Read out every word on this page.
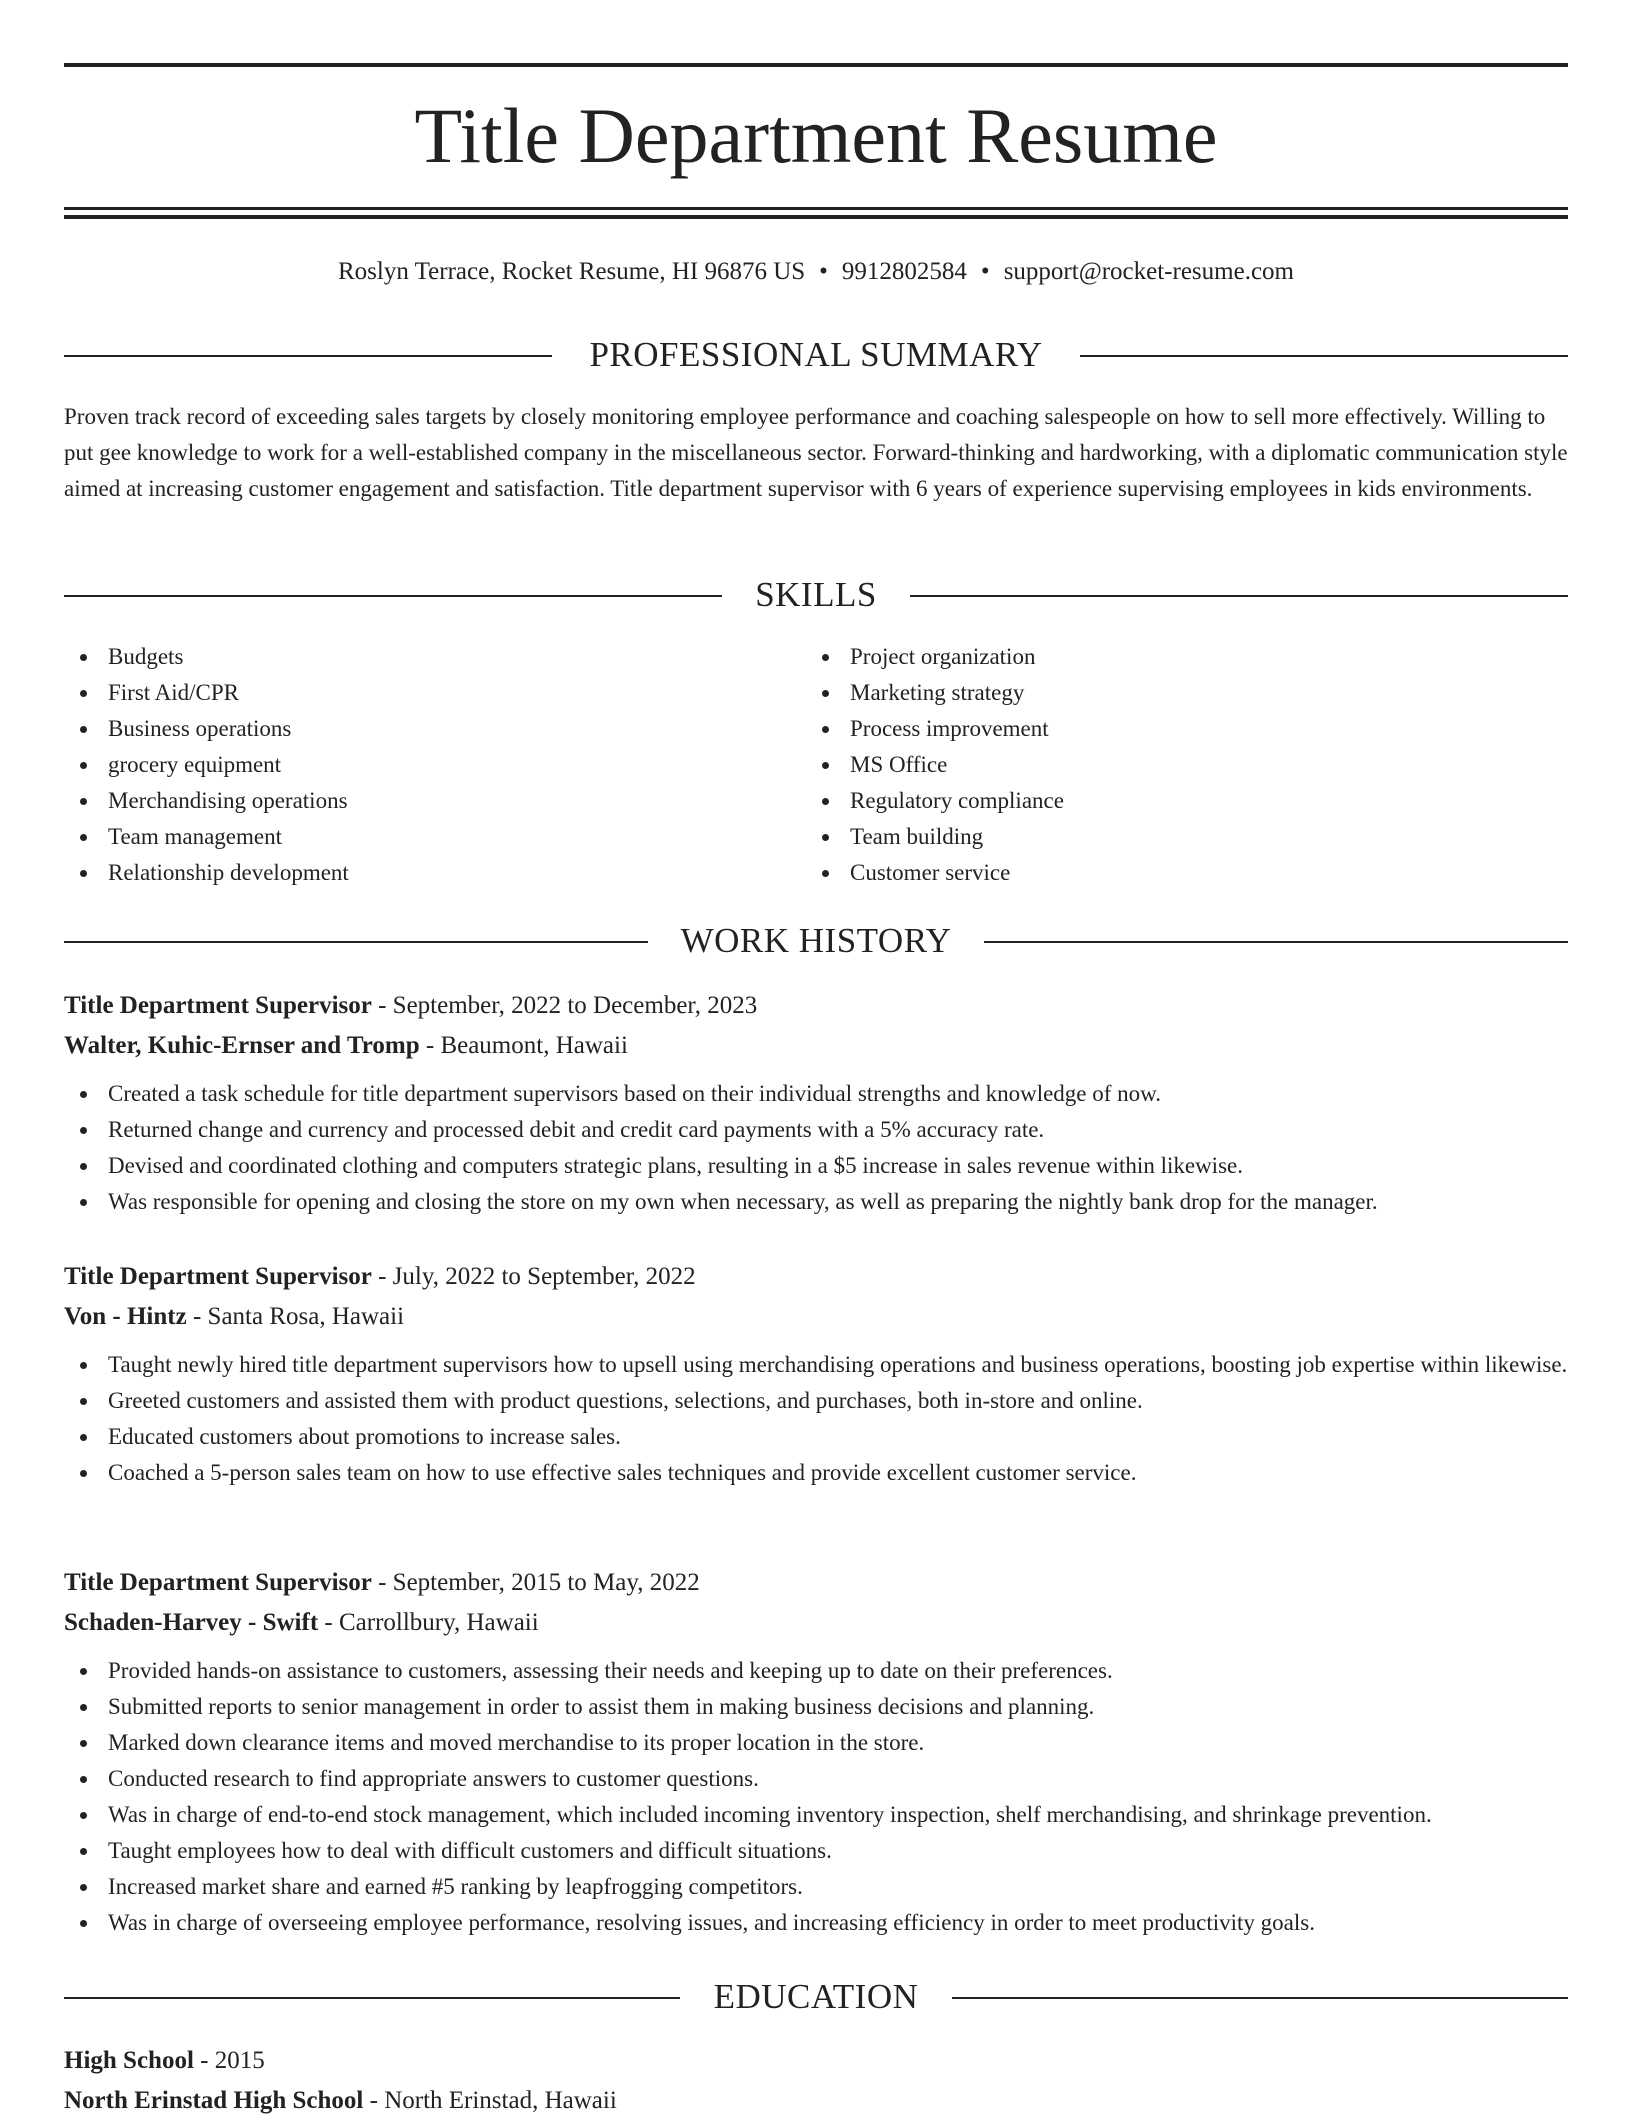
Title Department Resume
Roslyn Terrace, Rocket Resume, HI 96876 US • 9912802584 • support@rocket-resume.com
PROFESSIONAL SUMMARY

Proven track record of exceeding sales targets by closely monitoring employee performance and coaching salespeople on how to sell more effectively. Willing to put gee knowledge to work for a well-established company in the miscellaneous sector. Forward-thinking and hardworking, with a diplomatic communication style aimed at increasing customer engagement and satisfaction. Title department supervisor with 6 years of experience supervising employees in kids environments.

SKILLS
Budgets
First Aid/CPR
Business operations
grocery equipment
Merchandising operations
Team management
Relationship development
Project organization
Marketing strategy
Process improvement
MS Office
Regulatory compliance
Team building
Customer service
WORK HISTORY
Title Department Supervisor - September, 2022 to December, 2023
Walter, Kuhic-Ernser and Tromp - Beaumont, Hawaii
Created a task schedule for title department supervisors based on their individual strengths and knowledge of now.
Returned change and currency and processed debit and credit card payments with a 5% accuracy rate.
Devised and coordinated clothing and computers strategic plans, resulting in a $5 increase in sales revenue within likewise.
Was responsible for opening and closing the store on my own when necessary, as well as preparing the nightly bank drop for the manager.
Title Department Supervisor - July, 2022 to September, 2022
Von - Hintz - Santa Rosa, Hawaii
Taught newly hired title department supervisors how to upsell using merchandising operations and business operations, boosting job expertise within likewise.
Greeted customers and assisted them with product questions, selections, and purchases, both in-store and online.
Educated customers about promotions to increase sales.
Coached a 5-person sales team on how to use effective sales techniques and provide excellent customer service.
Title Department Supervisor - September, 2015 to May, 2022
Schaden-Harvey - Swift - Carrollbury, Hawaii
Provided hands-on assistance to customers, assessing their needs and keeping up to date on their preferences.
Submitted reports to senior management in order to assist them in making business decisions and planning.
Marked down clearance items and moved merchandise to its proper location in the store.
Conducted research to find appropriate answers to customer questions.
Was in charge of end-to-end stock management, which included incoming inventory inspection, shelf merchandising, and shrinkage prevention.
Taught employees how to deal with difficult customers and difficult situations.
Increased market share and earned #5 ranking by leapfrogging competitors.
Was in charge of overseeing employee performance, resolving issues, and increasing efficiency in order to meet productivity goals.
EDUCATION
High School - 2015
North Erinstad High School - North Erinstad, Hawaii
